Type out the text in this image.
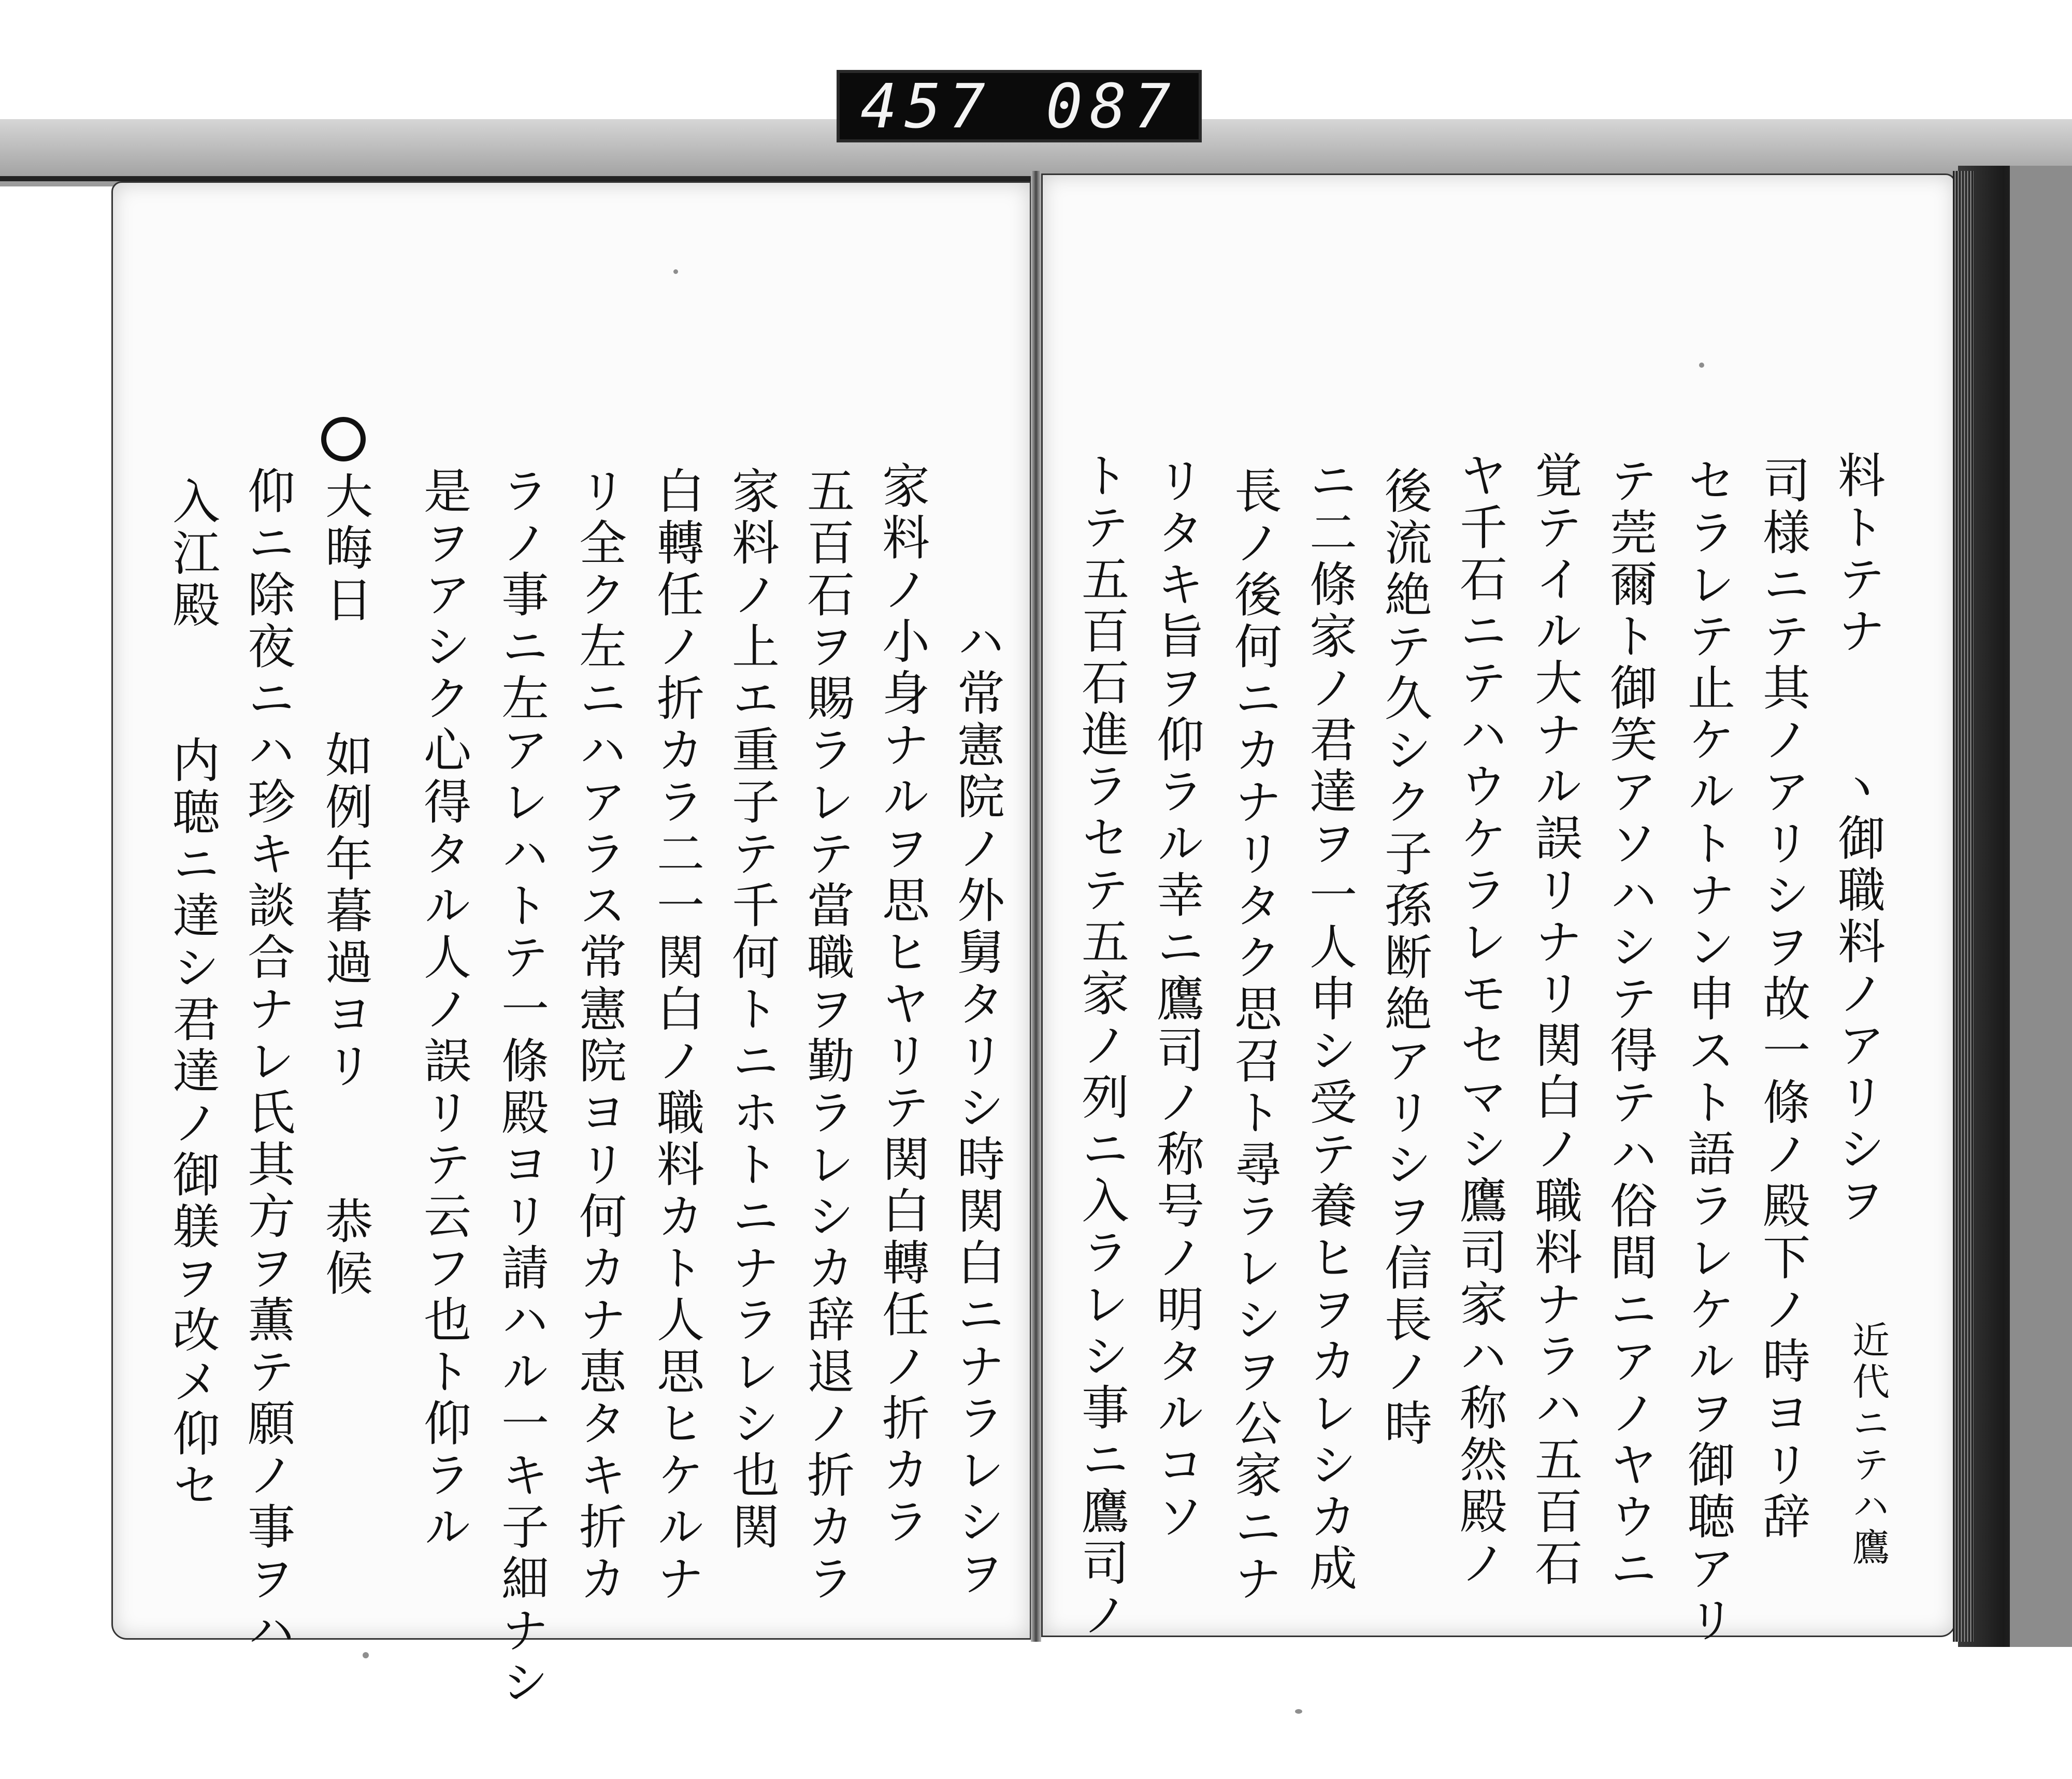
457 087
料トテナ　　ヽ御職料ノアリシヲ
近代ニテハ鷹
司様ニテ其ノアリシヲ故一條ノ殿下ノ時ヨリ辞
セラレテ止ケルトナン申スト語ラレケルヲ御聴アリ
テ莞爾ト御笑アソハシテ得テハ俗間ニアノヤウニ
覚テイル大ナル誤リナリ関白ノ職料ナラハ五百石
ヤ千石ニテハウケラレモセマシ鷹司家ハ称然殿ノ
後流絶テ久シク子孫断絶アリシヲ信長ノ時
ニ二條家ノ君達ヲ一人申シ受テ養ヒヲカレシカ成
長ノ後何ニカナリタク思召ト尋ラレシヲ公家ニナ
リタキ旨ヲ仰ラル幸ニ鷹司ノ称号ノ明タルコソ
トテ五百石進ラセテ五家ノ列ニ入ラレシ事ニ鷹司ノ
ハ常憲院ノ外舅タリシ時関白ニナラレシヲ
家料ノ小身ナルヲ思ヒヤリテ関白轉任ノ折カラ
五百石ヲ賜ラレテ當職ヲ勤ラレシカ辞退ノ折カラ
家料ノ上エ重子テ千何トニホトニナラレシ也関
白轉任ノ折カラ二一関白ノ職料カト人思ヒケルナ
リ全ク左ニハアラス常憲院ヨリ何カナ恵タキ折カ
ラノ事ニ左アレハトテ一條殿ヨリ請ハル一キ子細ナシ
是ヲアシク心得タル人ノ誤リテ云フ也ト仰ラル
大晦日　　如例年暮過ヨリ　　恭候
仰ニ除夜ニハ珍キ談合ナレ氏其方ヲ薫テ願ノ事ヲハ
入江殿　　内聴ニ達シ君達ノ御躾ヲ改メ仰セ
